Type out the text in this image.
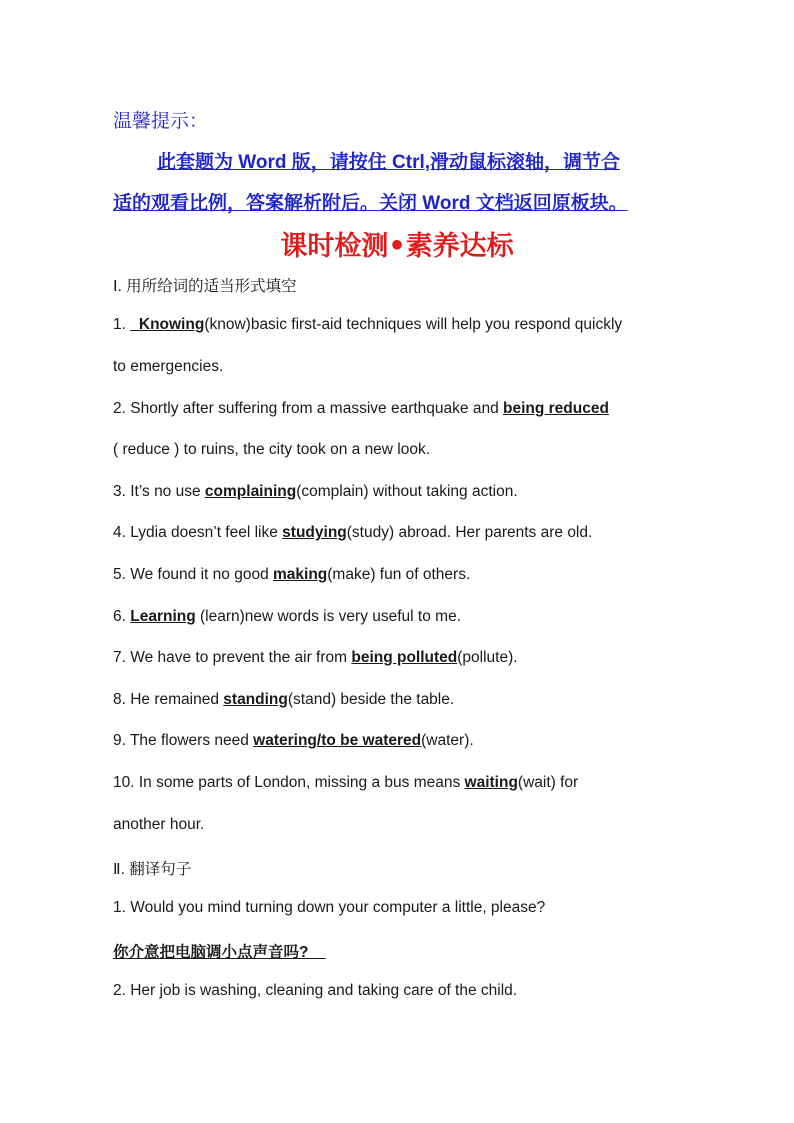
温馨提示：
此套题为 Word 版，请按住 Ctrl,滑动鼠标滚轴，调节合
适的观看比例，答案解析附后。关闭 Word 文档返回原板块。
课时检测•素养达标
Ⅰ. 用所给词的适当形式填空
1. Knowing(know)basic first-aid techniques will help you respond quickly
to emergencies.
2. Shortly after suffering from a massive earthquake and being reduced
( reduce ) to ruins, the city took on a new look.
3. It’s no use complaining(complain) without taking action.
4. Lydia doesn’t feel like studying(study) abroad. Her parents are old.
5. We found it no good making(make) fun of others.
6. Learning (learn)new words is very useful to me.
7. We have to prevent the air from being polluted(pollute).
8. He remained standing(stand) beside the table.
9. The flowers need watering/to be watered(water).
10. In some parts of London, missing a bus means waiting(wait) for
another hour.
Ⅱ. 翻译句子
1. Would you mind turning down your computer a little, please?
你介意把电脑调小点声音吗?
2. Her job is washing, cleaning and taking care of the child.
